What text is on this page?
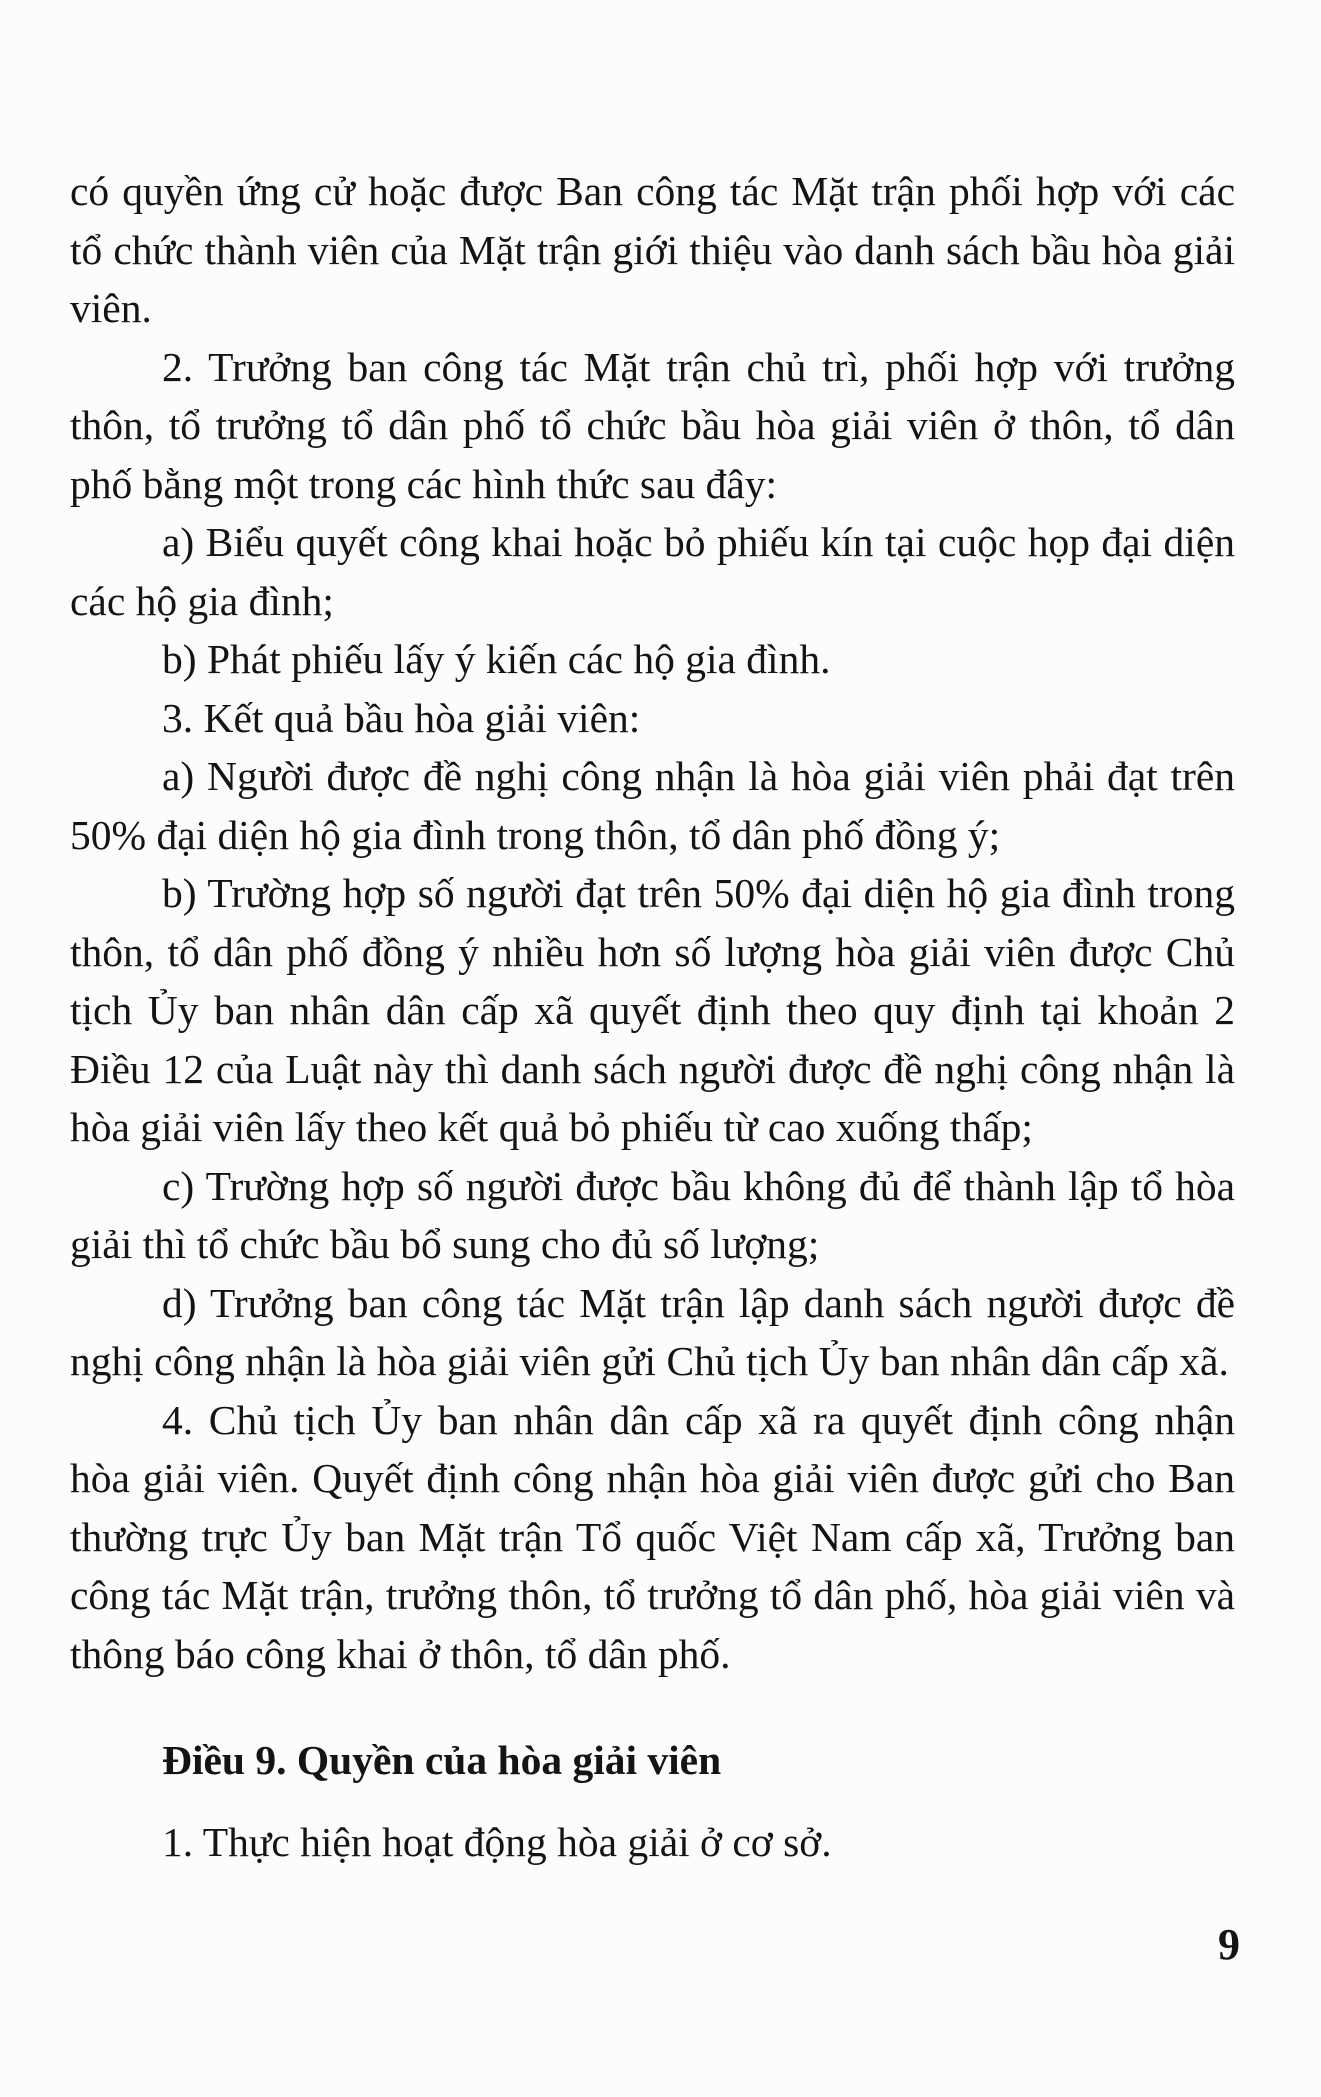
có quyền ứng cử hoặc được Ban công tác Mặt trận phối hợp với các tổ chức thành viên của Mặt trận giới thiệu vào danh sách bầu hòa giải viên.

2. Trưởng ban công tác Mặt trận chủ trì, phối hợp với trưởng thôn, tổ trưởng tổ dân phố tổ chức bầu hòa giải viên ở thôn, tổ dân phố bằng một trong các hình thức sau đây:

a) Biểu quyết công khai hoặc bỏ phiếu kín tại cuộc họp đại diện các hộ gia đình;

b) Phát phiếu lấy ý kiến các hộ gia đình.

3. Kết quả bầu hòa giải viên:

a) Người được đề nghị công nhận là hòa giải viên phải đạt trên 50% đại diện hộ gia đình trong thôn, tổ dân phố đồng ý;

b) Trường hợp số người đạt trên 50% đại diện hộ gia đình trong thôn, tổ dân phố đồng ý nhiều hơn số lượng hòa giải viên được Chủ tịch Ủy ban nhân dân cấp xã quyết định theo quy định tại khoản 2 Điều 12 của Luật này thì danh sách người được đề nghị công nhận là hòa giải viên lấy theo kết quả bỏ phiếu từ cao xuống thấp;

c) Trường hợp số người được bầu không đủ để thành lập tổ hòa giải thì tổ chức bầu bổ sung cho đủ số lượng;

d) Trưởng ban công tác Mặt trận lập danh sách người được đề nghị công nhận là hòa giải viên gửi Chủ tịch Ủy ban nhân dân cấp xã.

4. Chủ tịch Ủy ban nhân dân cấp xã ra quyết định công nhận hòa giải viên. Quyết định công nhận hòa giải viên được gửi cho Ban thường trực Ủy ban Mặt trận Tổ quốc Việt Nam cấp xã, Trưởng ban công tác Mặt trận, trưởng thôn, tổ trưởng tổ dân phố, hòa giải viên và thông báo công khai ở thôn, tổ dân phố.

Điều 9. Quyền của hòa giải viên

1. Thực hiện hoạt động hòa giải ở cơ sở.

9
